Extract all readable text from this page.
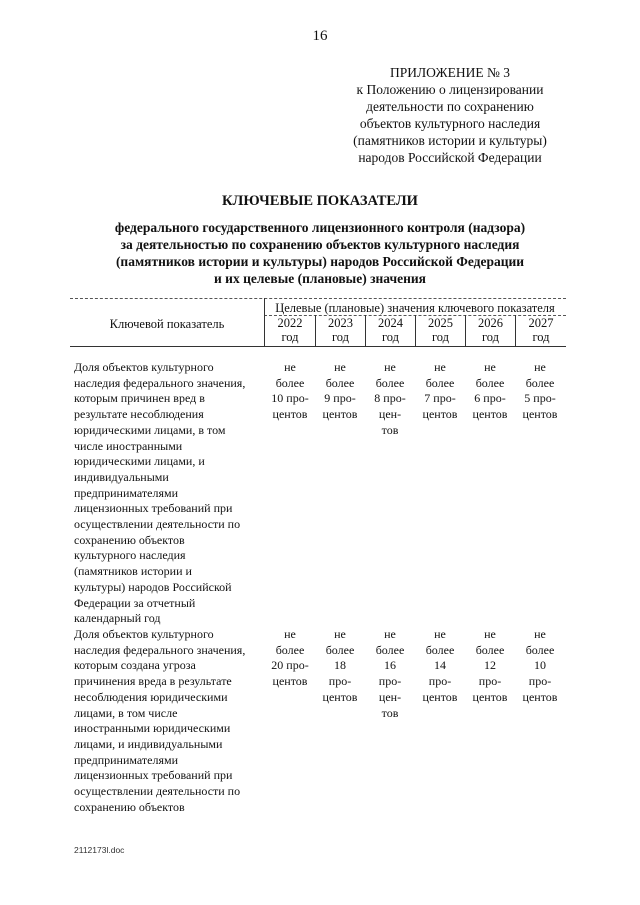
16
ПРИЛОЖЕНИЕ № 3
к Положению о лицензировании
деятельности по сохранению
объектов культурного наследия
(памятников истории и культуры)
народов Российской Федерации
КЛЮЧЕВЫЕ ПОКАЗАТЕЛИ
федерального государственного лицензионного контроля (надзора)
за деятельностью по сохранению объектов культурного наследия
(памятников истории и культуры) народов Российской Федерации
и их целевые (плановые) значения
Ключевой показатель
Целевые (плановые) значения ключевого показателя
2022
год
2023
год
2024
год
2025
год
2026
год
2027
год
Доля объектов культурного
наследия федерального значения,
которым причинен вред в
результате несоблюдения
юридическими лицами, в том
числе иностранными
юридическими лицами, и
индивидуальными
предпринимателями
лицензионных требований при
осуществлении деятельности по
сохранению объектов
культурного наследия
(памятников истории и
культуры) народов Российской
Федерации за отчетный
календарный год
не
более
10 про-
центов
не
более
9 про-
центов
не
более
8 про-
цен-
тов
не
более
7 про-
центов
не
более
6 про-
центов
не
более
5 про-
центов
Доля объектов культурного
наследия федерального значения,
которым создана угроза
причинения вреда в результате
несоблюдения юридическими
лицами, в том числе
иностранными юридическими
лицами, и индивидуальными
предпринимателями
лицензионных требований при
осуществлении деятельности по
сохранению объектов
не
более
20 про-
центов
не
более
18
про-
центов
не
более
16
про-
цен-
тов
не
более
14
про-
центов
не
более
12
про-
центов
не
более
10
про-
центов
2112173l.doc
